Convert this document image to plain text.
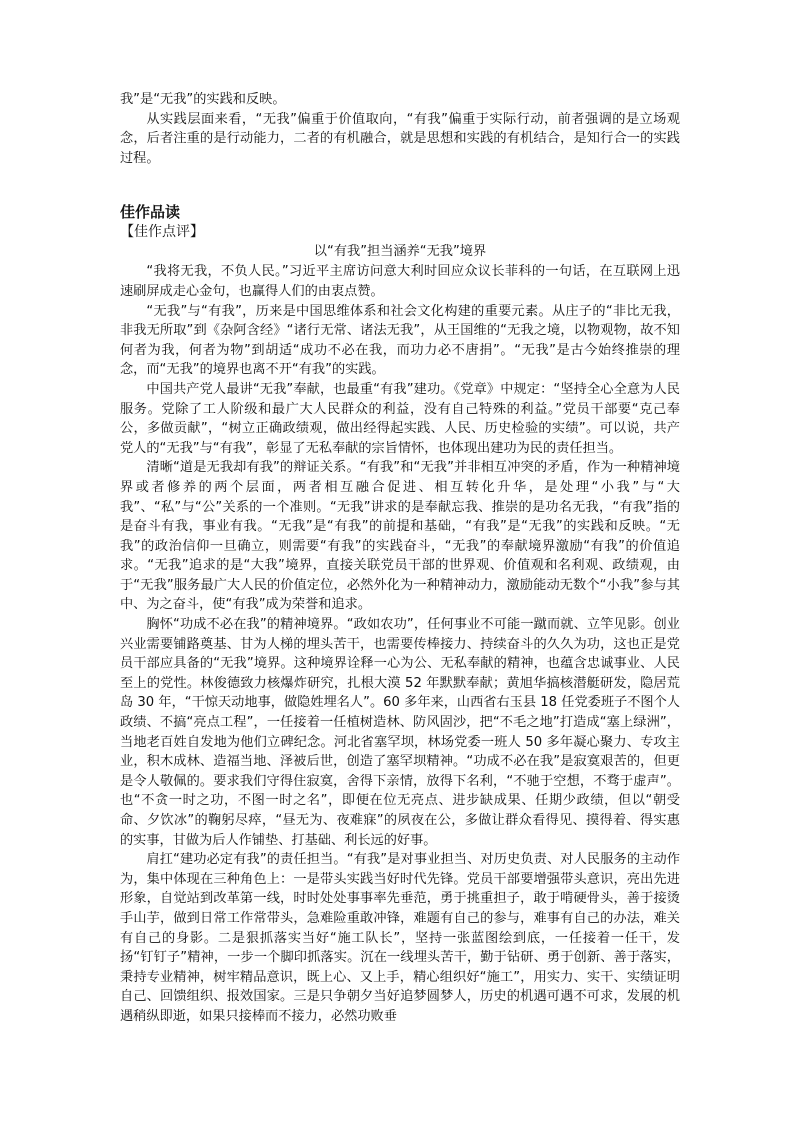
我”是“无我”的实践和反映。

从实践层面来看，“无我”偏重于价值取向，“有我”偏重于实际行动，前者强调的是立场观念，后者注重的是行动能力，二者的有机融合，就是思想和实践的有机结合，是知行合一的实践过程。

佳作品读
【佳作点评】
以“有我”担当涵养“无我”境界

“我将无我，不负人民。”习近平主席访问意大利时回应众议长菲科的一句话，在互联网上迅速刷屏成走心金句，也赢得人们的由衷点赞。

“无我”与“有我”，历来是中国思维体系和社会文化构建的重要元素。从庄子的“非比无我，非我无所取”到《杂阿含经》“诸行无常、诸法无我”，从王国维的“无我之境，以物观物，故不知何者为我，何者为物”到胡适“成功不必在我，而功力必不唐捐”。“无我”是古今始终推崇的理念，而“无我”的境界也离不开“有我”的实践。

中国共产党人最讲“无我”奉献，也最重“有我”建功。《党章》中规定：“坚持全心全意为人民服务。党除了工人阶级和最广大人民群众的利益，没有自己特殊的利益。”党员干部要“克己奉公，多做贡献”，“树立正确政绩观，做出经得起实践、人民、历史检验的实绩”。可以说，共产党人的“无我”与“有我”，彰显了无私奉献的宗旨情怀，也体现出建功为民的责任担当。

清晰“道是无我却有我”的辩证关系。“有我”和“无我”并非相互冲突的矛盾，作为一种精神境界或者修养的两个层面，两者相互融合促进、相互转化升华，是处理“小我”与“大我”、“私”与“公”关系的一个准则。“无我”讲求的是奉献忘我、推崇的是功名无我，“有我”指的是奋斗有我，事业有我。“无我”是“有我”的前提和基础，“有我”是“无我”的实践和反映。“无我”的政治信仰一旦确立，则需要“有我”的实践奋斗，“无我”的奉献境界激励“有我”的价值追求。“无我”追求的是“大我”境界，直接关联党员干部的世界观、价值观和名利观、政绩观，由于“无我”服务最广大人民的价值定位，必然外化为一种精神动力，激励能动无数个“小我”参与其中、为之奋斗，使“有我”成为荣誉和追求。

胸怀“功成不必在我”的精神境界。“政如农功”，任何事业不可能一蹴而就、立竿见影。创业兴业需要铺路奠基、甘为人梯的埋头苦干，也需要传棒接力、持续奋斗的久久为功，这也正是党员干部应具备的“无我”境界。这种境界诠释一心为公、无私奉献的精神，也蕴含忠诚事业、人民至上的党性。林俊德致力核爆炸研究，扎根大漠 52 年默默奉献；黄旭华搞核潜艇研发，隐居荒岛 30 年，“干惊天动地事，做隐姓埋名人”。60 多年来，山西省右玉县 18 任党委班子不图个人政绩、不搞“亮点工程”，一任接着一任植树造林、防风固沙，把“不毛之地”打造成“塞上绿洲”，当地老百姓自发地为他们立碑纪念。河北省塞罕坝，林场党委一班人 50 多年凝心聚力、专攻主业，积木成林、造福当地、泽被后世，创造了塞罕坝精神。“功成不必在我”是寂寞艰苦的，但更是令人敬佩的。要求我们守得住寂寞，舍得下亲情，放得下名利，“不驰于空想，不骛于虚声”。也“不贪一时之功，不图一时之名”，即便在位无亮点、进步缺成果、任期少政绩，但以“朝受命、夕饮冰”的鞠躬尽瘁，“昼无为、夜难寐”的夙夜在公，多做让群众看得见、摸得着、得实惠的实事，甘做为后人作铺垫、打基础、利长远的好事。

肩扛“建功必定有我”的责任担当。“有我”是对事业担当、对历史负责、对人民服务的主动作为，集中体现在三种角色上：一是带头实践当好时代先锋。党员干部要增强带头意识，亮出先进形象，自觉站到改革第一线，时时处处事事率先垂范，勇于挑重担子，敢于啃硬骨头，善于接烫手山芋，做到日常工作常带头，急难险重敢冲锋，难题有自己的参与，难事有自己的办法，难关有自己的身影。二是狠抓落实当好“施工队长”，坚持一张蓝图绘到底，一任接着一任干，发扬“钉钉子”精神，一步一个脚印抓落实。沉在一线埋头苦干，勤于钻研、勇于创新、善于落实，秉持专业精神，树牢精品意识，既上心、又上手，精心组织好“施工”，用实力、实干、实绩证明自己、回馈组织、报效国家。三是只争朝夕当好追梦圆梦人，历史的机遇可遇不可求，发展的机遇稍纵即逝，如果只接棒而不接力，必然功败垂
